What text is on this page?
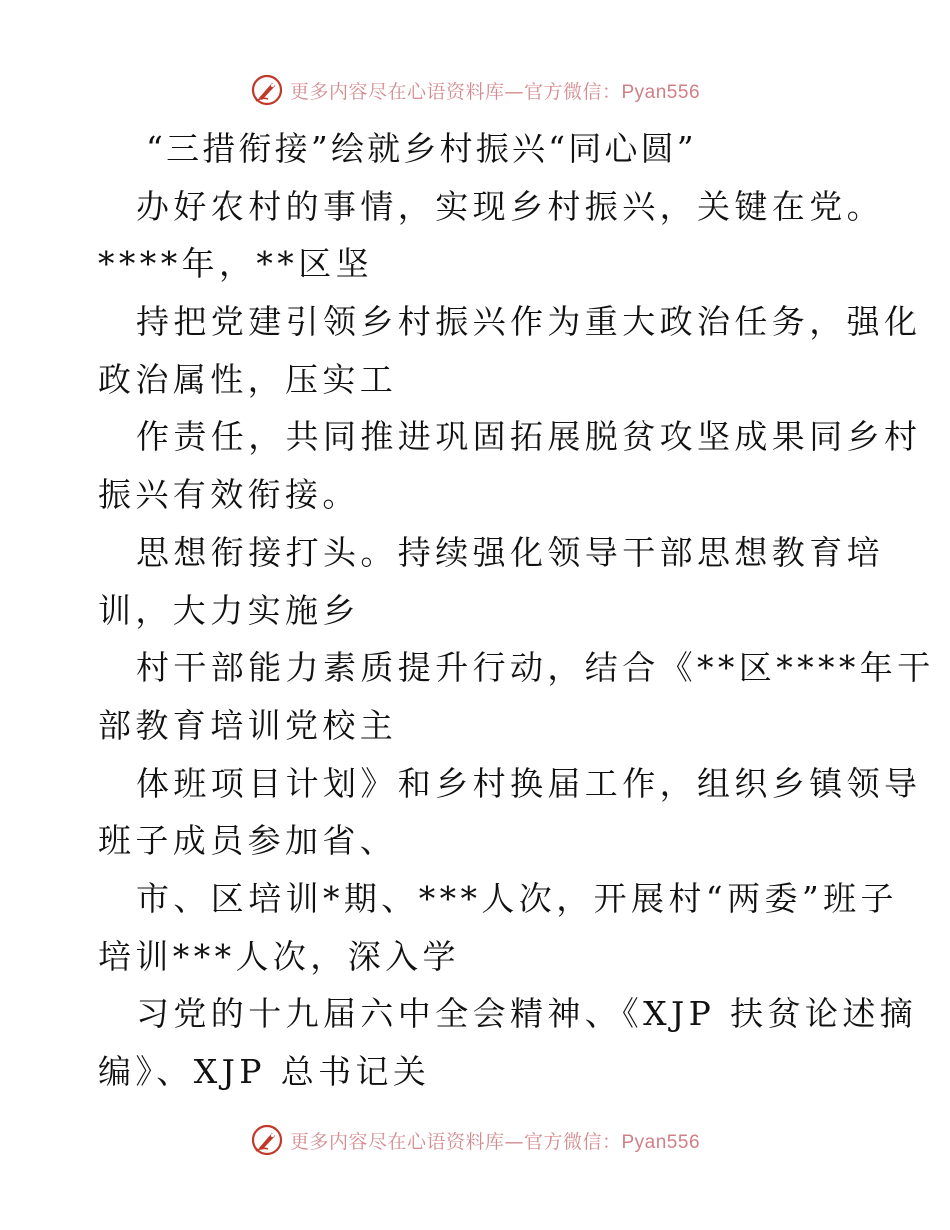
更多内容尽在心语资料库—官方微信：Pyan556
“三措衔接”绘就乡村振兴“同心圆”
办好农村的事情，实现乡村振兴，关键在党。
****年，**区坚
持把党建引领乡村振兴作为重大政治任务，强化
政治属性，压实工
作责任，共同推进巩固拓展脱贫攻坚成果同乡村
振兴有效衔接。
思想衔接打头。持续强化领导干部思想教育培
训，大力实施乡
村干部能力素质提升行动，结合《**区****年干
部教育培训党校主
体班项目计划》和乡村换届工作，组织乡镇领导
班子成员参加省、
市、区培训*期、***人次，开展村“两委”班子
培训***人次，深入学
习党的十九届六中全会精神、《XJP 扶贫论述摘
编》、XJP 总书记关
更多内容尽在心语资料库—官方微信：Pyan556
